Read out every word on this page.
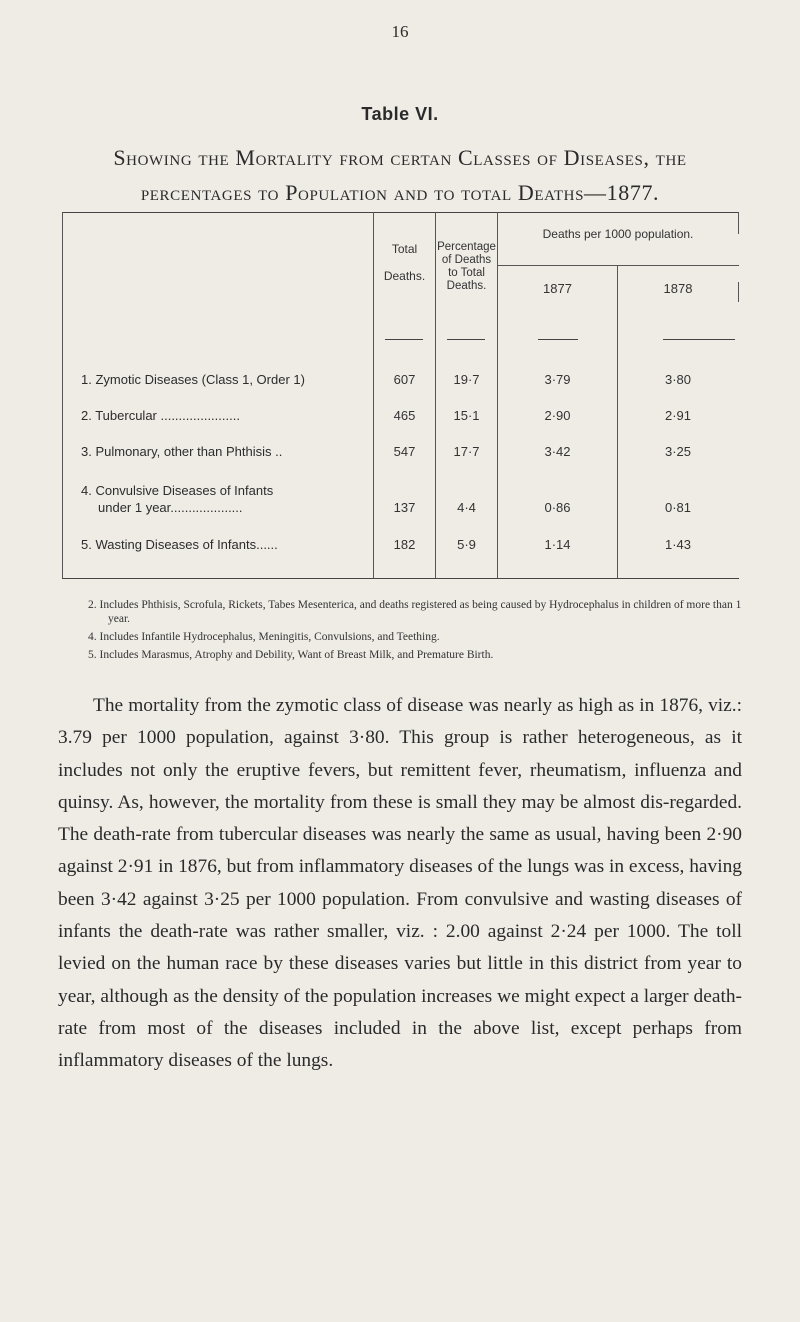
16
Table VI.
Showing the Mortality from certan Classes of Diseases, the percentages to Population and to total Deaths—1877.
Total
Deaths.
Percentage of Deaths to Total Deaths.
Deaths per 1000 population.
1877	1878
1. Zymotic Diseases (Class 1, Order 1)	607	19·7	3·79	3·80
2. Tubercular ......................	465	15·1	2·90	2·91
3. Pulmonary, other than Phthisis ..	547	17·7	3·42	3·25
4. Convulsive Diseases of Infants
under 1 year....................	137	4·4	0·86	0·81
5. Wasting Diseases of Infants......	182	5·9	1·14	1·43
2. Includes Phthisis, Scrofula, Rickets, Tabes Mesenterica, and deaths registered as being caused by Hydrocephalus in children of more than 1 year.
4. Includes Infantile Hydrocephalus, Meningitis, Convulsions, and Teething.
5. Includes Marasmus, Atrophy and Debility, Want of Breast Milk, and Premature Birth.
The mortality from the zymotic class of disease was nearly as high as in 1876, viz.: 3.79 per 1000 population, against 3·80. This group is rather heterogeneous, as it includes not only the eruptive fevers, but remittent fever, rheumatism, influenza and quinsy. As, however, the mortality from these is small they may be almost dis-regarded. The death-rate from tubercular diseases was nearly the same as usual, having been 2·90 against 2·91 in 1876, but from inflammatory diseases of the lungs was in excess, having been 3·42 against 3·25 per 1000 population. From convulsive and wasting diseases of infants the death-rate was rather smaller, viz. : 2.00 against 2·24 per 1000. The toll levied on the human race by these diseases varies but little in this district from year to year, although as the density of the population increases we might expect a larger death-rate from most of the diseases included in the above list, except perhaps from inflammatory diseases of the lungs.
